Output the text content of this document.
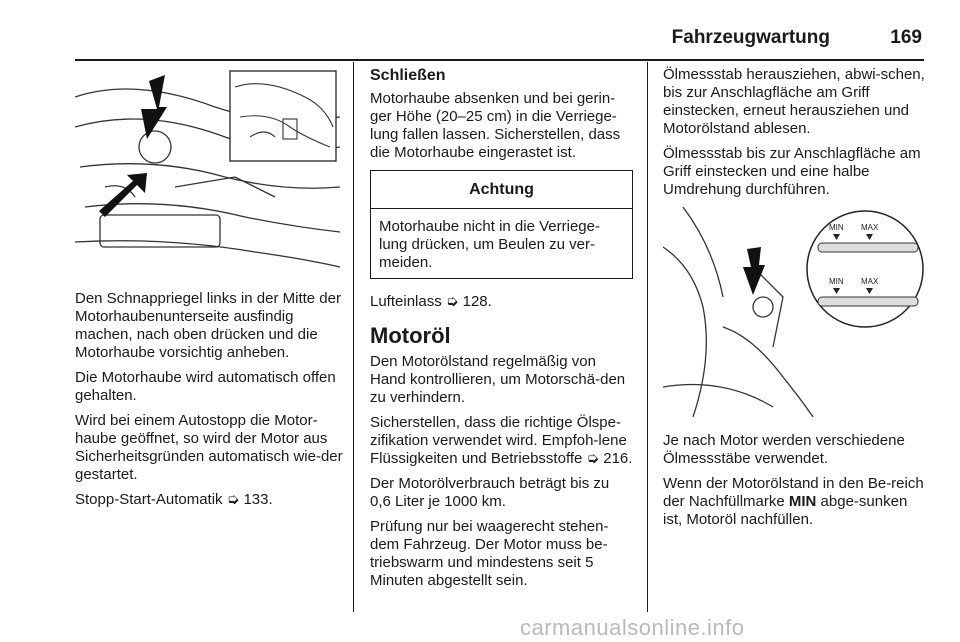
Fahrzeugwartung	169

Den Schnappriegel links in der Mitte der Motorhaubenunterseite ausfindig machen, nach oben drücken und die Motorhaube vorsichtig anheben.

Die Motorhaube wird automatisch offen gehalten.

Wird bei einem Autostopp die Motor-haube geöffnet, so wird der Motor aus Sicherheitsgründen automatisch wie-der gestartet.

Stopp-Start-Automatik ➭ 133.

Schließen

Motorhaube absenken und bei gerin-ger Höhe (20–25 cm) in die Verriege-lung fallen lassen. Sicherstellen, dass die Motorhaube eingerastet ist.

Achtung
Motorhaube nicht in die Verriege-lung drücken, um Beulen zu ver-meiden.

Lufteinlass ➭ 128.

Motoröl

Den Motorölstand regelmäßig von Hand kontrollieren, um Motorschä-den zu verhindern.

Sicherstellen, dass die richtige Ölspe-zifikation verwendet wird. Empfoh-lene Flüssigkeiten und Betriebsstoffe ➭ 216.

Der Motorölverbrauch beträgt bis zu 0,6 Liter je 1000 km.

Prüfung nur bei waagerecht stehen-dem Fahrzeug. Der Motor muss be-triebswarm und mindestens seit 5 Minuten abgestellt sein.

Ölmessstab herausziehen, abwi-schen, bis zur Anschlagfläche am Griff einstecken, erneut herausziehen und Motorölstand ablesen.

Ölmessstab bis zur Anschlagfläche am Griff einstecken und eine halbe Umdrehung durchführen.

MIN MAX
MIN MAX

Je nach Motor werden verschiedene Ölmessstäbe verwendet.

Wenn der Motorölstand in den Be-reich der Nachfüllmarke MIN abge-sunken ist, Motoröl nachfüllen.

carmanualsonline.info
